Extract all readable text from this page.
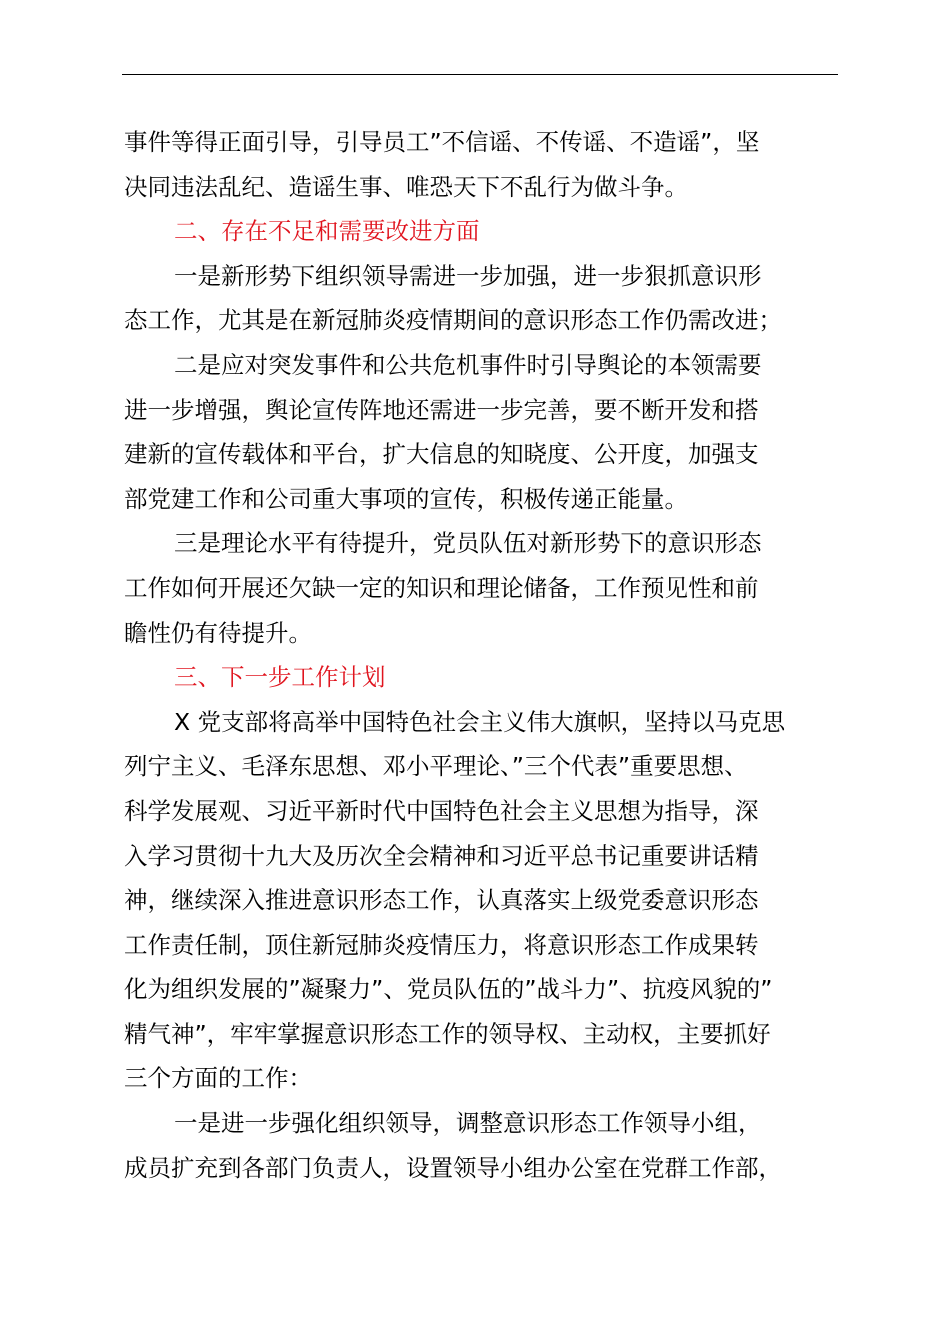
事件等得正面引导，引导员工”不信谣、不传谣、不造谣”，坚
决同违法乱纪、造谣生事、唯恐天下不乱行为做斗争。
二、存在不足和需要改进方面
一是新形势下组织领导需进一步加强，进一步狠抓意识形
态工作，尤其是在新冠肺炎疫情期间的意识形态工作仍需改进；
二是应对突发事件和公共危机事件时引导舆论的本领需要
进一步增强，舆论宣传阵地还需进一步完善，要不断开发和搭
建新的宣传载体和平台，扩大信息的知晓度、公开度，加强支
部党建工作和公司重大事项的宣传，积极传递正能量。
三是理论水平有待提升，党员队伍对新形势下的意识形态
工作如何开展还欠缺一定的知识和理论储备，工作预见性和前
瞻性仍有待提升。
三、下一步工作计划
X 党支部将高举中国特色社会主义伟大旗帜，坚持以马克思
列宁主义、毛泽东思想、邓小平理论、”三个代表”重要思想、
科学发展观、习近平新时代中国特色社会主义思想为指导，深
入学习贯彻十九大及历次全会精神和习近平总书记重要讲话精
神，继续深入推进意识形态工作，认真落实上级党委意识形态
工作责任制，顶住新冠肺炎疫情压力，将意识形态工作成果转
化为组织发展的”凝聚力”、党员队伍的”战斗力”、抗疫风貌的”
精气神”，牢牢掌握意识形态工作的领导权、主动权，主要抓好
三个方面的工作：
一是进一步强化组织领导，调整意识形态工作领导小组，
成员扩充到各部门负责人，设置领导小组办公室在党群工作部，
